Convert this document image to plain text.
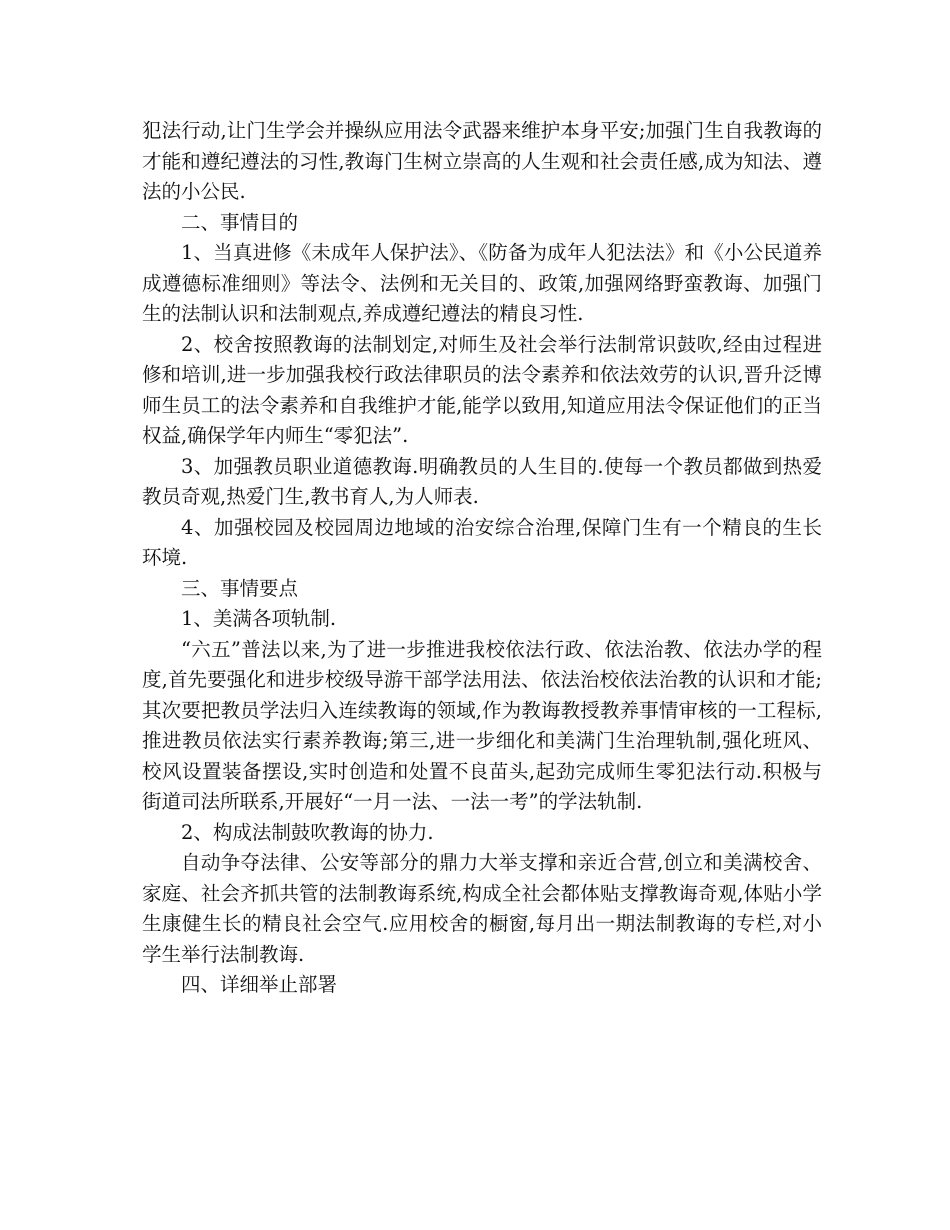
犯法行动,让门生学会并操纵应用法令武器来维护本身平安;加强门生自我教诲的才能和遵纪遵法的习性,教诲门生树立崇高的人生观和社会责任感,成为知法、遵法的小公民.

二、事情目的

1、当真进修《未成年人保护法》、《防备为成年人犯法法》和《小公民道养成遵德标准细则》等法令、法例和无关目的、政策,加强网络野蛮教诲、加强门生的法制认识和法制观点,养成遵纪遵法的精良习性.

2、校舍按照教诲的法制划定,对师生及社会举行法制常识鼓吹,经由过程进修和培训,进一步加强我校行政法律职员的法令素养和依法效劳的认识,晋升泛博师生员工的法令素养和自我维护才能,能学以致用,知道应用法令保证他们的正当权益,确保学年内师生“零犯法”.

3、加强教员职业道德教诲.明确教员的人生目的.使每一个教员都做到热爱教员奇观,热爱门生,教书育人,为人师表.

4、加强校园及校园周边地域的治安综合治理,保障门生有一个精良的生长环境.

三、事情要点

1、美满各项轨制.

“六五”普法以来,为了进一步推进我校依法行政、依法治教、依法办学的程度,首先要强化和进步校级导游干部学法用法、依法治校依法治教的认识和才能;其次要把教员学法归入连续教诲的领域,作为教诲教授教养事情审核的一工程标,推进教员依法实行素养教诲;第三,进一步细化和美满门生治理轨制,强化班风、校风设置装备摆设,实时创造和处置不良苗头,起劲完成师生零犯法行动.积极与街道司法所联系,开展好“一月一法、一法一考”的学法轨制.

2、构成法制鼓吹教诲的协力.

自动争夺法律、公安等部分的鼎力大举支撑和亲近合营,创立和美满校舍、家庭、社会齐抓共管的法制教诲系统,构成全社会都体贴支撑教诲奇观,体贴小学生康健生长的精良社会空气.应用校舍的橱窗,每月出一期法制教诲的专栏,对小学生举行法制教诲.

四、详细举止部署
